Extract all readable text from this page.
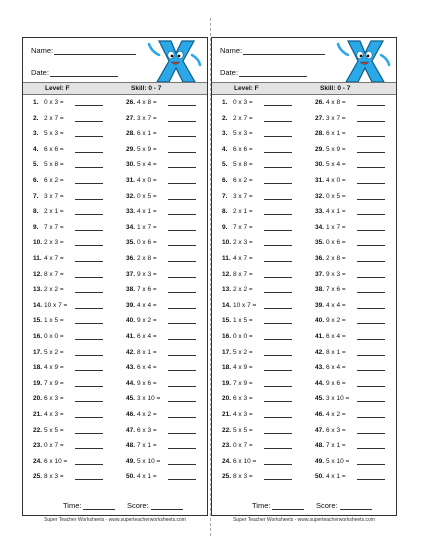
Name:
Date:
Level: F	Skill: 0 - 7
1. 0 x 3 =
2. 2 x 7 =
3. 5 x 3 =
4. 6 x 6 =
5. 5 x 8 =
6. 6 x 2 =
7. 3 x 7 =
8. 2 x 1 =
9. 7 x 7 =
10. 2 x 3 =
11. 4 x 7 =
12. 8 x 7 =
13. 2 x 2 =
14. 10 x 7 =
15. 1 x 5 =
16. 0 x 0 =
17. 5 x 2 =
18. 4 x 9 =
19. 7 x 9 =
20. 6 x 3 =
21. 4 x 3 =
22. 5 x 5 =
23. 0 x 7 =
24. 6 x 10 =
25. 8 x 3 =
26. 4 x 8 =
27. 3 x 7 =
28. 6 x 1 =
29. 5 x 9 =
30. 5 x 4 =
31. 4 x 0 =
32. 0 x 5 =
33. 4 x 1 =
34. 1 x 7 =
35. 0 x 6 =
36. 2 x 8 =
37. 9 x 3 =
38. 7 x 6 =
39. 4 x 4 =
40. 9 x 2 =
41. 6 x 4 =
42. 8 x 1 =
43. 6 x 4 =
44. 9 x 6 =
45. 3 x 10 =
46. 4 x 2 =
47. 6 x 3 =
48. 7 x 1 =
49. 5 x 10 =
50. 4 x 1 =
Time:	Score:
Super Teacher Worksheets - www.superteacherworksheets.com
Name:
Date:
Level: F	Skill: 0 - 7
1. 0 x 3 =
2. 2 x 7 =
3. 5 x 3 =
4. 6 x 6 =
5. 5 x 8 =
6. 6 x 2 =
7. 3 x 7 =
8. 2 x 1 =
9. 7 x 7 =
10. 2 x 3 =
11. 4 x 7 =
12. 8 x 7 =
13. 2 x 2 =
14. 10 x 7 =
15. 1 x 5 =
16. 0 x 0 =
17. 5 x 2 =
18. 4 x 9 =
19. 7 x 9 =
20. 6 x 3 =
21. 4 x 3 =
22. 5 x 5 =
23. 0 x 7 =
24. 6 x 10 =
25. 8 x 3 =
26. 4 x 8 =
27. 3 x 7 =
28. 6 x 1 =
29. 5 x 9 =
30. 5 x 4 =
31. 4 x 0 =
32. 0 x 5 =
33. 4 x 1 =
34. 1 x 7 =
35. 0 x 6 =
36. 2 x 8 =
37. 9 x 3 =
38. 7 x 6 =
39. 4 x 4 =
40. 9 x 2 =
41. 6 x 4 =
42. 8 x 1 =
43. 6 x 4 =
44. 9 x 6 =
45. 3 x 10 =
46. 4 x 2 =
47. 6 x 3 =
48. 7 x 1 =
49. 5 x 10 =
50. 4 x 1 =
Time:	Score:
Super Teacher Worksheets - www.superteacherworksheets.com
